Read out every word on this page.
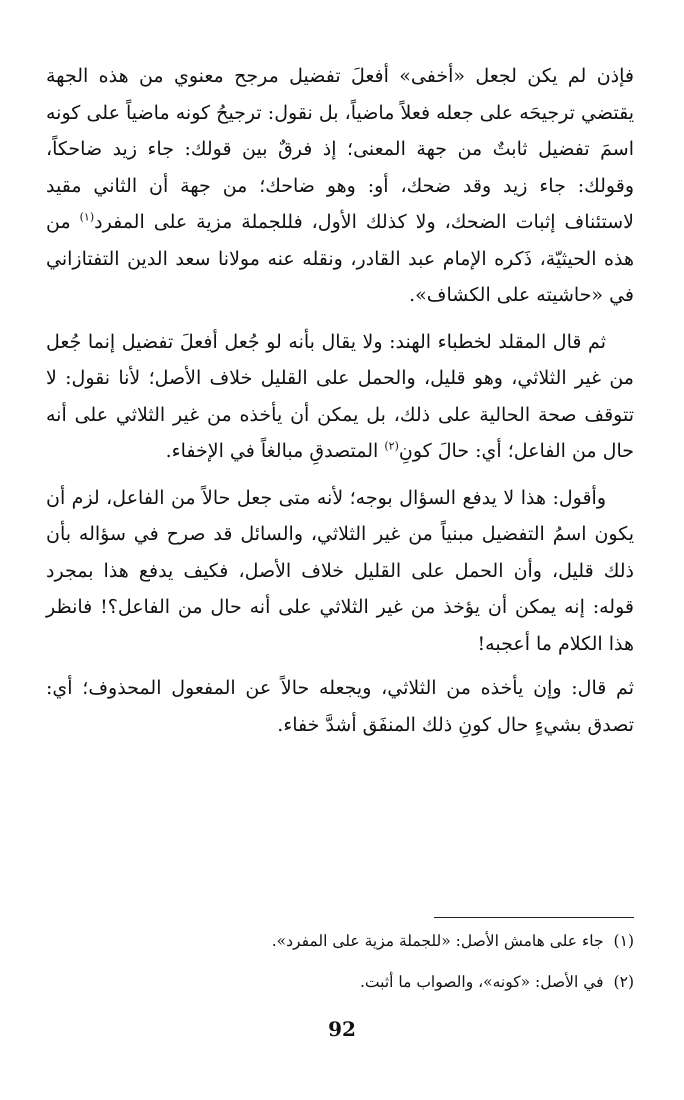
فإذن لم يكن لجعل «أخفى» أفعلَ تفضيل مرجح معنوي من هذه الجهة يقتضي ترجيحَه على جعله فعلاً ماضياً، بل نقول: ترجيحُ كونه ماضياً على كونه اسمَ تفضيل ثابتٌ من جهة المعنى؛ إذ فرقٌ بين قولك: جاء زيد ضاحكاً، وقولك: جاء زيد وقد ضحك، أو: وهو ضاحك؛ من جهة أن الثاني مقيد لاستئناف إثبات الضحك، ولا كذلك الأول، فللجملة مزية على المفرد$^{(١)}$ من هذه الحيثيّة، ذَكره الإمام عبد القادر، ونقله عنه مولانا سعد الدين التفتازاني في «حاشيته على الكشاف».

ثم قال المقلد لخطباء الهند: ولا يقال بأنه لو جُعل أفعلَ تفضيل إنما جُعل من غير الثلاثي، وهو قليل، والحمل على القليل خلاف الأصل؛ لأنا نقول: لا تتوقف صحة الحالية على ذلك، بل يمكن أن يأخذه من غير الثلاثي على أنه حال من الفاعل؛ أي: حالَ كونِ$^{(٢)}$ المتصدقِ مبالغاً في الإخفاء.

وأقول: هذا لا يدفع السؤال بوجه؛ لأنه متى جعل حالاً من الفاعل، لزم أن يكون اسمُ التفضيل مبنياً من غير الثلاثي، والسائل قد صرح في سؤاله بأن ذلك قليل، وأن الحمل على القليل خلاف الأصل، فكيف يدفع هذا بمجرد قوله: إنه يمكن أن يؤخذ من غير الثلاثي على أنه حال من الفاعل؟! فانظر هذا الكلام ما أعجبه!

ثم قال: وإن يأخذه من الثلاثي، ويجعله حالاً عن المفعول المحذوف؛ أي: تصدق بشيءٍ حال كونِ ذلك المنفَق أشدَّ خفاء.

(١)جاء على هامش الأصل: «للجملة مزية على المفرد».

(٢)في الأصل: «كونه»، والصواب ما أثبت.

92
